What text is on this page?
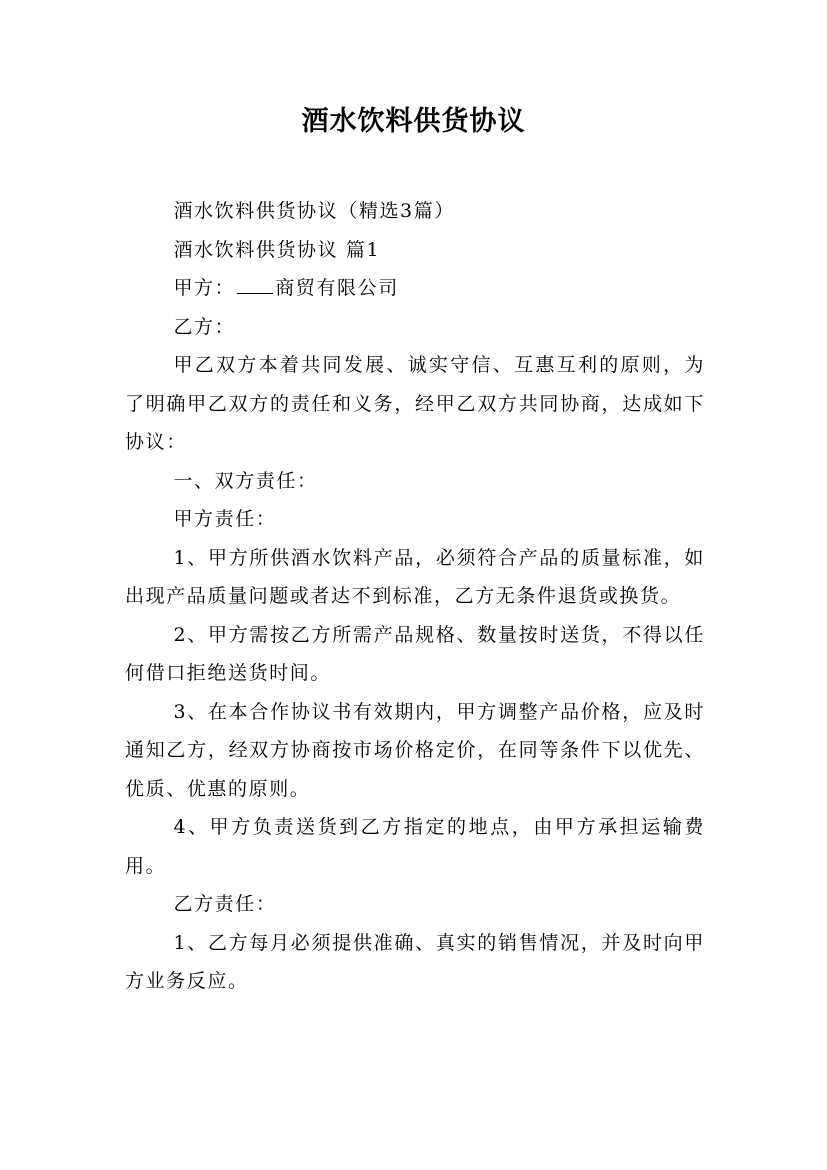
酒水饮料供货协议

酒水饮料供货协议（精选3篇）

酒水饮料供货协议 篇1

甲方： 商贸有限公司

乙方：

甲乙双方本着共同发展、诚实守信、互惠互利的原则，为了明确甲乙双方的责任和义务，经甲乙双方共同协商，达成如下协议：

一、双方责任：

甲方责任：

1、甲方所供酒水饮料产品，必须符合产品的质量标准，如出现产品质量问题或者达不到标准，乙方无条件退货或换货。

2、甲方需按乙方所需产品规格、数量按时送货，不得以任何借口拒绝送货时间。

3、在本合作协议书有效期内，甲方调整产品价格，应及时通知乙方，经双方协商按市场价格定价，在同等条件下以优先、优质、优惠的原则。

4、甲方负责送货到乙方指定的地点，由甲方承担运输费用。

乙方责任：

1、乙方每月必须提供准确、真实的销售情况，并及时向甲方业务反应。
